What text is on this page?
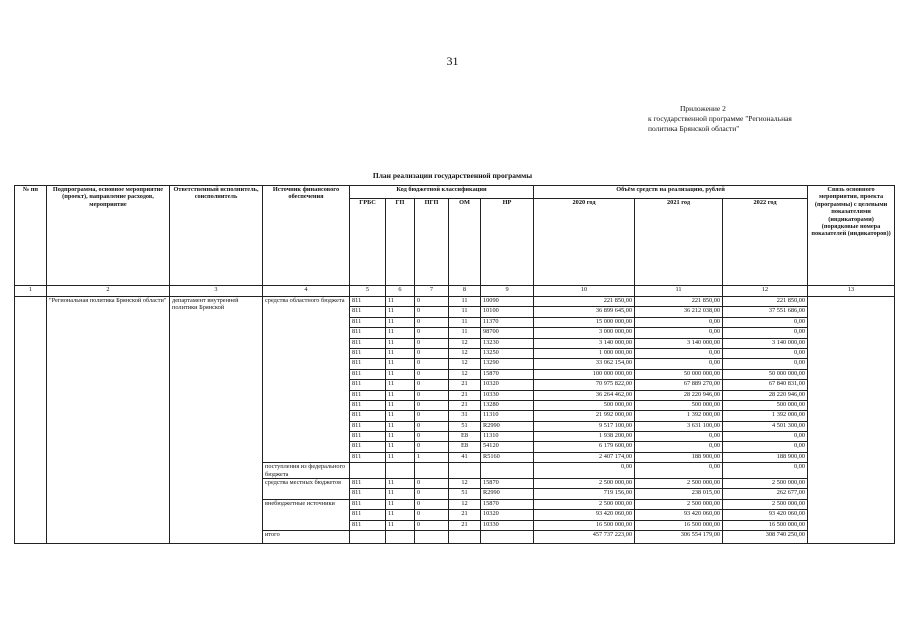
31
Приложение 2
к государственной программе "Региональная
политика Брянской области"
План реализации государственной программы
№ пп	Подпрограмма, основное мероприятие (проект), направление расходов, мероприятие	Ответственный исполнитель, соисполнитель	Источник финансового обеспечения	Код бюджетной классификации					Объём средств на реализацию, рублей			Связь основного мероприятия, проекта (программы) с целевыми показателями (индикаторами) (порядковые номера показателей (индикаторов))
				ГРБС	ГП	ПГП	ОМ	НР	2020 год	2021 год	2022 год	
1	2	3	4	5	6	7	8	9	10	11	12	13
	"Региональная политика Брянской области"	департамент внутренней политики Брянской	средства областного бюджета	811	11	0	11	10090	221 850,00	221 850,00	221 850,00	
				811	11	0	11	10100	36 899 645,00	36 212 038,00	37 551 686,00	
				811	11	0	11	11370	15 000 000,00	0,00	0,00	
				811	11	0	11	98700	3 000 000,00	0,00	0,00	
				811	11	0	12	13230	3 140 000,00	3 140 000,00	3 140 000,00	
				811	11	0	12	13250	1 000 000,00	0,00	0,00	
				811	11	0	12	13290	33 062 154,00	0,00	0,00	
				811	11	0	12	15870	100 000 000,00	50 000 000,00	50 000 000,00	
				811	11	0	21	10320	70 975 822,00	67 889 270,00	67 840 831,00	
				811	11	0	21	10330	36 264 462,00	28 220 946,00	28 220 946,00	
				811	11	0	21	13280	500 000,00	500 000,00	500 000,00	
				811	11	0	31	11310	21 992 000,00	1 392 000,00	1 392 000,00	
				811	11	0	51	R2990	9 517 100,00	3 631 100,00	4 501 300,00	
				811	11	0	E8	11310	1 938 200,00	0,00	0,00	
				811	11	0	E8	54120	6 179 600,00	0,00	0,00	
				811	11	1	41	R5160	2 407 174,00	188 900,00	188 900,00	
			поступления из федерального бюджета						0,00	0,00	0,00	
			средства местных бюджетов	811	11	0	12	15870	2 500 000,00	2 500 000,00	2 500 000,00	
				811	11	0	51	R2990	719 156,00	238 015,00	262 677,00	
			внебюджетные источники	811	11	0	12	15870	2 500 000,00	2 500 000,00	2 500 000,00	
				811	11	0	21	10320	93 420 060,00	93 420 060,00	93 420 060,00	
				811	11	0	21	10330	16 500 000,00	16 500 000,00	16 500 000,00	
			итого						457 737 223,00	306 554 179,00	308 740 250,00	
